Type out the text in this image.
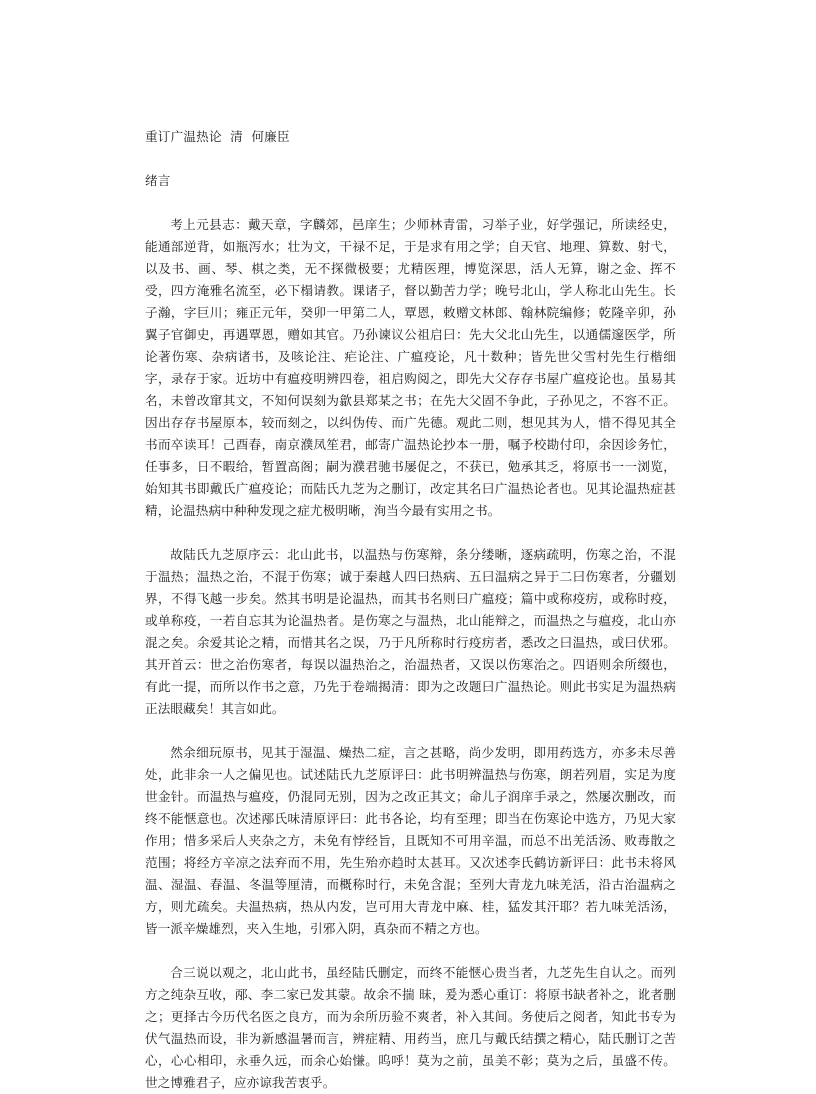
重订广温热论  清  何廉臣
绪言

考上元县志：戴天章，字麟郊，邑庠生；少师林青雷，习举子业，好学强记，所读经史，能通部逆背，如瓶泻水；壮为文，干禄不足，于是求有用之学；自天官、地理、算数、射弋，以及书、画、琴、棋之类，无不探微极要；尤精医理，博览深思，活人无算，谢之金、挥不受，四方淹雅名流至，必下榻请教。课诸子，督以勤苦力学；晚号北山，学人称北山先生。长子瀚，字巨川；雍正元年，癸卯一甲第二人，覃恩，敕赠文林郎、翰林院编修；乾隆辛卯，孙翼子官御史，再遇覃恩，赠如其官。乃孙谏议公祖启曰：先大父北山先生，以通儒邃医学，所论著伤寒、杂病诸书，及咳论注、疟论注、广瘟疫论，凡十数种；皆先世父雪村先生行楷细字，录存于家。近坊中有瘟疫明辨四卷，祖启购阅之，即先大父存存书屋广瘟疫论也。虽易其名，未曾改窜其文，不知何误刻为歙县郑某之书；在先大父固不争此，子孙见之，不容不正。因出存存书屋原本，较而刻之，以纠伪传、而广先德。观此二则，想见其为人，惜不得见其全书而卒读耳！己酉春，南京濮凤笙君，邮寄广温热论抄本一册，嘱予校勘付印，余因诊务忙，任事多，日不暇给，暂置高阁；嗣为濮君驰书屡促之，不获已，勉承其乏，将原书一一浏览，始知其书即戴氏广瘟疫论；而陆氏九芝为之删订，改定其名曰广温热论者也。见其论温热症甚精，论温热病中种种发现之症尤极明晰，洵当今最有实用之书。

故陆氏九芝原序云：北山此书，以温热与伤寒辩，条分缕晰，逐病疏明，伤寒之治，不混于温热；温热之治，不混于伤寒；诚于秦越人四曰热病、五曰温病之异于二曰伤寒者，分疆划界，不得飞越一步矣。然其书明是论温热，而其书名则曰广瘟疫；篇中或称疫疠，或称时疫，或单称疫，一若自忘其为论温热者。是伤寒之与温热，北山能辩之，而温热之与瘟疫，北山亦混之矣。余爱其论之精，而惜其名之误，乃于凡所称时行疫疠者，悉改之曰温热，或曰伏邪。其开首云：世之治伤寒者，每误以温热治之，治温热者，又误以伤寒治之。四语则余所缀也，有此一提，而所以作书之意，乃先于卷端揭清：即为之改题曰广温热论。则此书实足为温热病正法眼藏矣！其言如此。

然余细玩原书，见其于湿温、燥热二症，言之甚略，尚少发明，即用药选方，亦多未尽善处，此非余一人之偏见也。试述陆氏九芝原评曰：此书明辨温热与伤寒，朗若列眉，实足为度世金针。而温热与瘟疫，仍混同无别，因为之改正其文；命儿子润庠手录之，然屡次删改，而终不能惬意也。次述邴氏味清原评曰：此书各论，均有至理；即当在伤寒论中选方，乃见大家作用；惜多采后人夹杂之方，未免有悖经旨，且既知不可用辛温，而总不出羌活汤、败毒散之范围；将经方辛凉之法弃而不用，先生殆亦趋时太甚耳。又次述李氏鹤访新评曰：此书未将风温、湿温、春温、冬温等厘清，而概称时行，未免含混；至列大青龙九味羌活，沿古治温病之方，则尤疏矣。夫温热病，热从内发，岂可用大青龙中麻、桂，猛发其汗耶？若九味羌活汤，皆一派辛燥雄烈，夹入生地，引邪入阴，真杂而不精之方也。

合三说以观之，北山此书，虽经陆氏删定，而终不能惬心贵当者，九芝先生自认之。而列方之纯杂互收，邴、李二家已发其蒙。故余不揣 昧，爰为悉心重订：将原书缺者补之，讹者删之；更择古今历代名医之良方，而为余所历验不爽者，补入其间。务使后之阅者，知此书专为伏气温热而设，非为新感温暑而言，辨症精、用药当，庶几与戴氏结撰之精心，陆氏删订之苦心，心心相印，永垂久远，而余心始慊。呜呼！莫为之前，虽美不彰；莫为之后，虽盛不传。世之博雅君子，应亦谅我苦衷乎。
